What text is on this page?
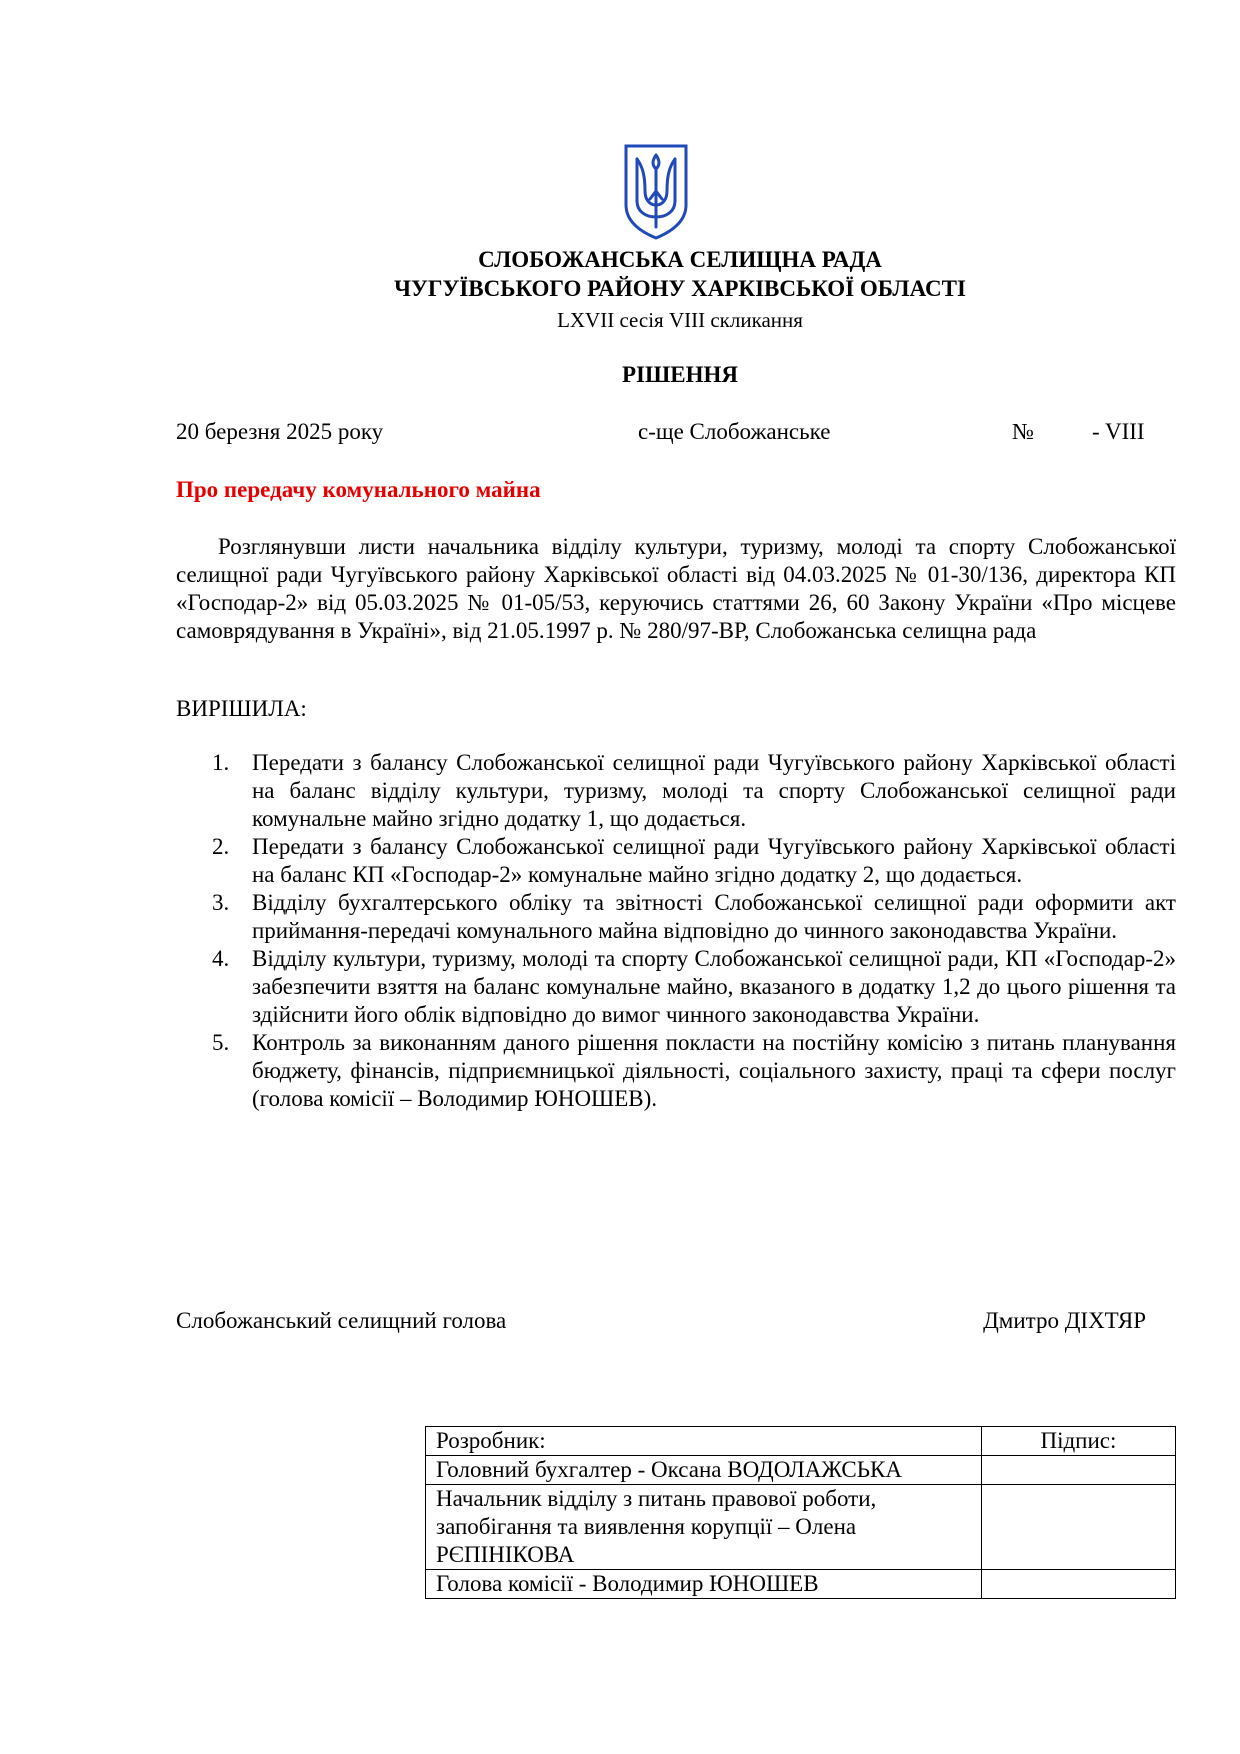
СЛОБОЖАНСЬКА СЕЛИЩНА РАДА
ЧУГУЇВСЬКОГО РАЙОНУ ХАРКІВСЬКОЇ ОБЛАСТІ
LXVII сесія VIII скликання
РІШЕННЯ
20 березня 2025 року	с-ще Слобожанське	№	- VIII
Про передачу комунального майна
Розглянувши листи начальника відділу культури, туризму, молоді та спорту Слобожанської селищної ради Чугуївського району Харківської області від 04.03.2025 № 01-30/136, директора КП «Господар-2» від 05.03.2025 № 01-05/53, керуючись статтями 26, 60 Закону України «Про місцеве самоврядування в Україні», від 21.05.1997 р. № 280/97-ВР, Слобожанська селищна рада
ВИРІШИЛА:
1. Передати з балансу Слобожанської селищної ради Чугуївського району Харківської області на баланс відділу культури, туризму, молоді та спорту Слобожанської селищної ради комунальне майно згідно додатку 1, що додається.
2. Передати з балансу Слобожанської селищної ради Чугуївського району Харківської області на баланс КП «Господар-2» комунальне майно згідно додатку 2, що додається.
3. Відділу бухгалтерського обліку та звітності Слобожанської селищної ради оформити акт приймання-передачі комунального майна відповідно до чинного законодавства України.
4. Відділу культури, туризму, молоді та спорту Слобожанської селищної ради, КП «Господар-2» забезпечити взяття на баланс комунальне майно, вказаного в додатку 1,2 до цього рішення та здійснити його облік відповідно до вимог чинного законодавства України.
5. Контроль за виконанням даного рішення покласти на постійну комісію з питань планування бюджету, фінансів, підприємницької діяльності, соціального захисту, праці та сфери послуг (голова комісії – Володимир ЮНОШЕВ).
Слобожанський селищний голова	Дмитро ДІХТЯР
Розробник:	Підпис:
Головний бухгалтер - Оксана ВОДОЛАЖСЬКА	
Начальник відділу з питань правової роботи, запобігання та виявлення корупції – Олена РЄПІНІКОВА	
Голова комісії - Володимир ЮНОШЕВ	
